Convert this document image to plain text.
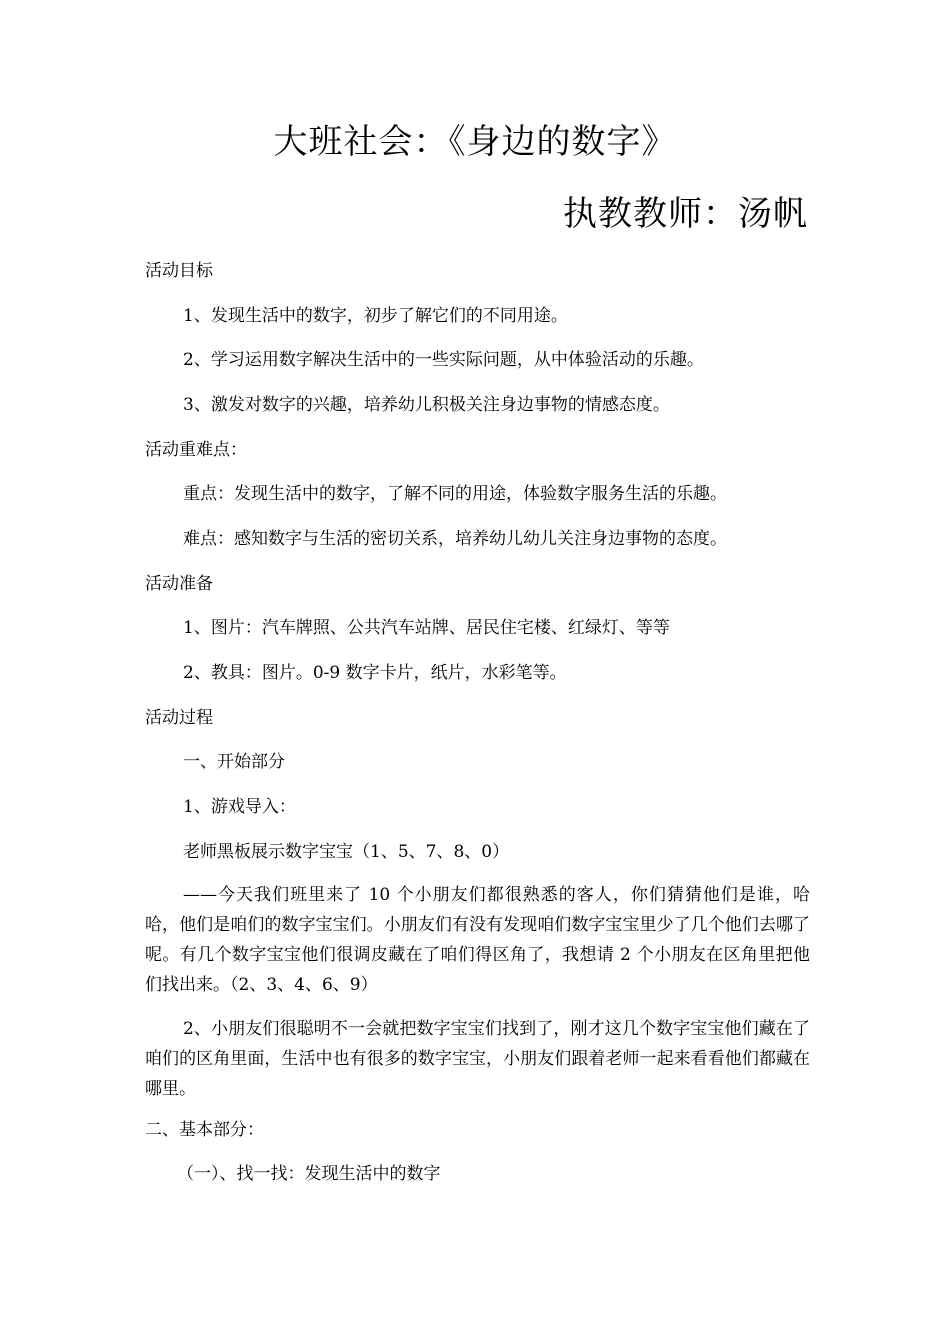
大班社会：《身边的数字》
执教教师：汤帆
活动目标
1、发现生活中的数字，初步了解它们的不同用途。
2、学习运用数字解决生活中的一些实际问题，从中体验活动的乐趣。
3、激发对数字的兴趣，培养幼儿积极关注身边事物的情感态度。
活动重难点：
重点：发现生活中的数字，了解不同的用途，体验数字服务生活的乐趣。
难点：感知数字与生活的密切关系，培养幼儿幼儿关注身边事物的态度。
活动准备
1、图片：汽车牌照、公共汽车站牌、居民住宅楼、红绿灯、等等
2、教具：图片。0-9 数字卡片，纸片，水彩笔等。
活动过程
一、开始部分
1、游戏导入：
老师黑板展示数字宝宝（1、5、7、8、0）
——今天我们班里来了 10 个小朋友们都很熟悉的客人，你们猜猜他们是谁，哈哈，他们是咱们的数字宝宝们。小朋友们有没有发现咱们数字宝宝里少了几个他们去哪了呢。有几个数字宝宝他们很调皮藏在了咱们得区角了，我想请 2 个小朋友在区角里把他们找出来。（2、3、4、6、9）
2、小朋友们很聪明不一会就把数字宝宝们找到了，刚才这几个数字宝宝他们藏在了咱们的区角里面，生活中也有很多的数字宝宝，小朋友们跟着老师一起来看看他们都藏在哪里。
二、基本部分：
（一）、找一找：发现生活中的数字
